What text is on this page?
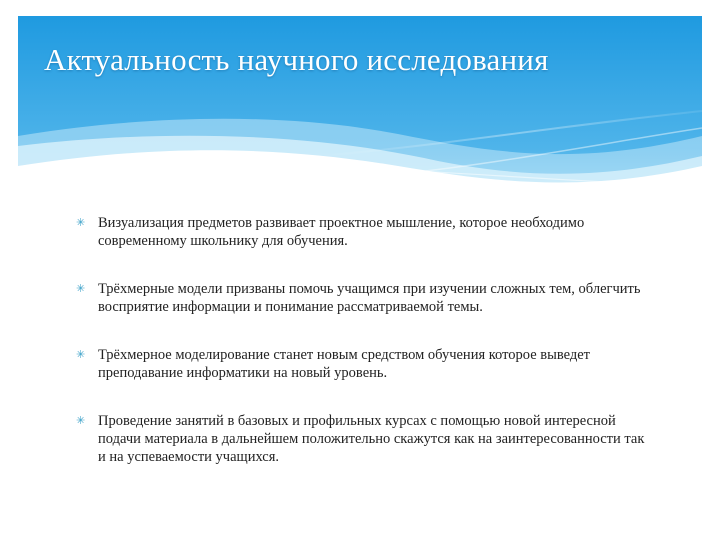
Актуальность научного исследования
✳ Визуализация предметов развивает проектное мышление, которое необходимо современному школьнику для обучения.
✳ Трёхмерные модели призваны помочь учащимся при изучении сложных тем, облегчить восприятие информации и понимание рассматриваемой темы.
✳ Трёхмерное моделирование станет новым средством обучения которое выведет преподавание информатики на новый уровень.
✳ Проведение занятий в базовых и профильных курсах с помощью новой интересной подачи материала в дальнейшем положительно скажутся как на заинтересованности так и на успеваемости учащихся.
